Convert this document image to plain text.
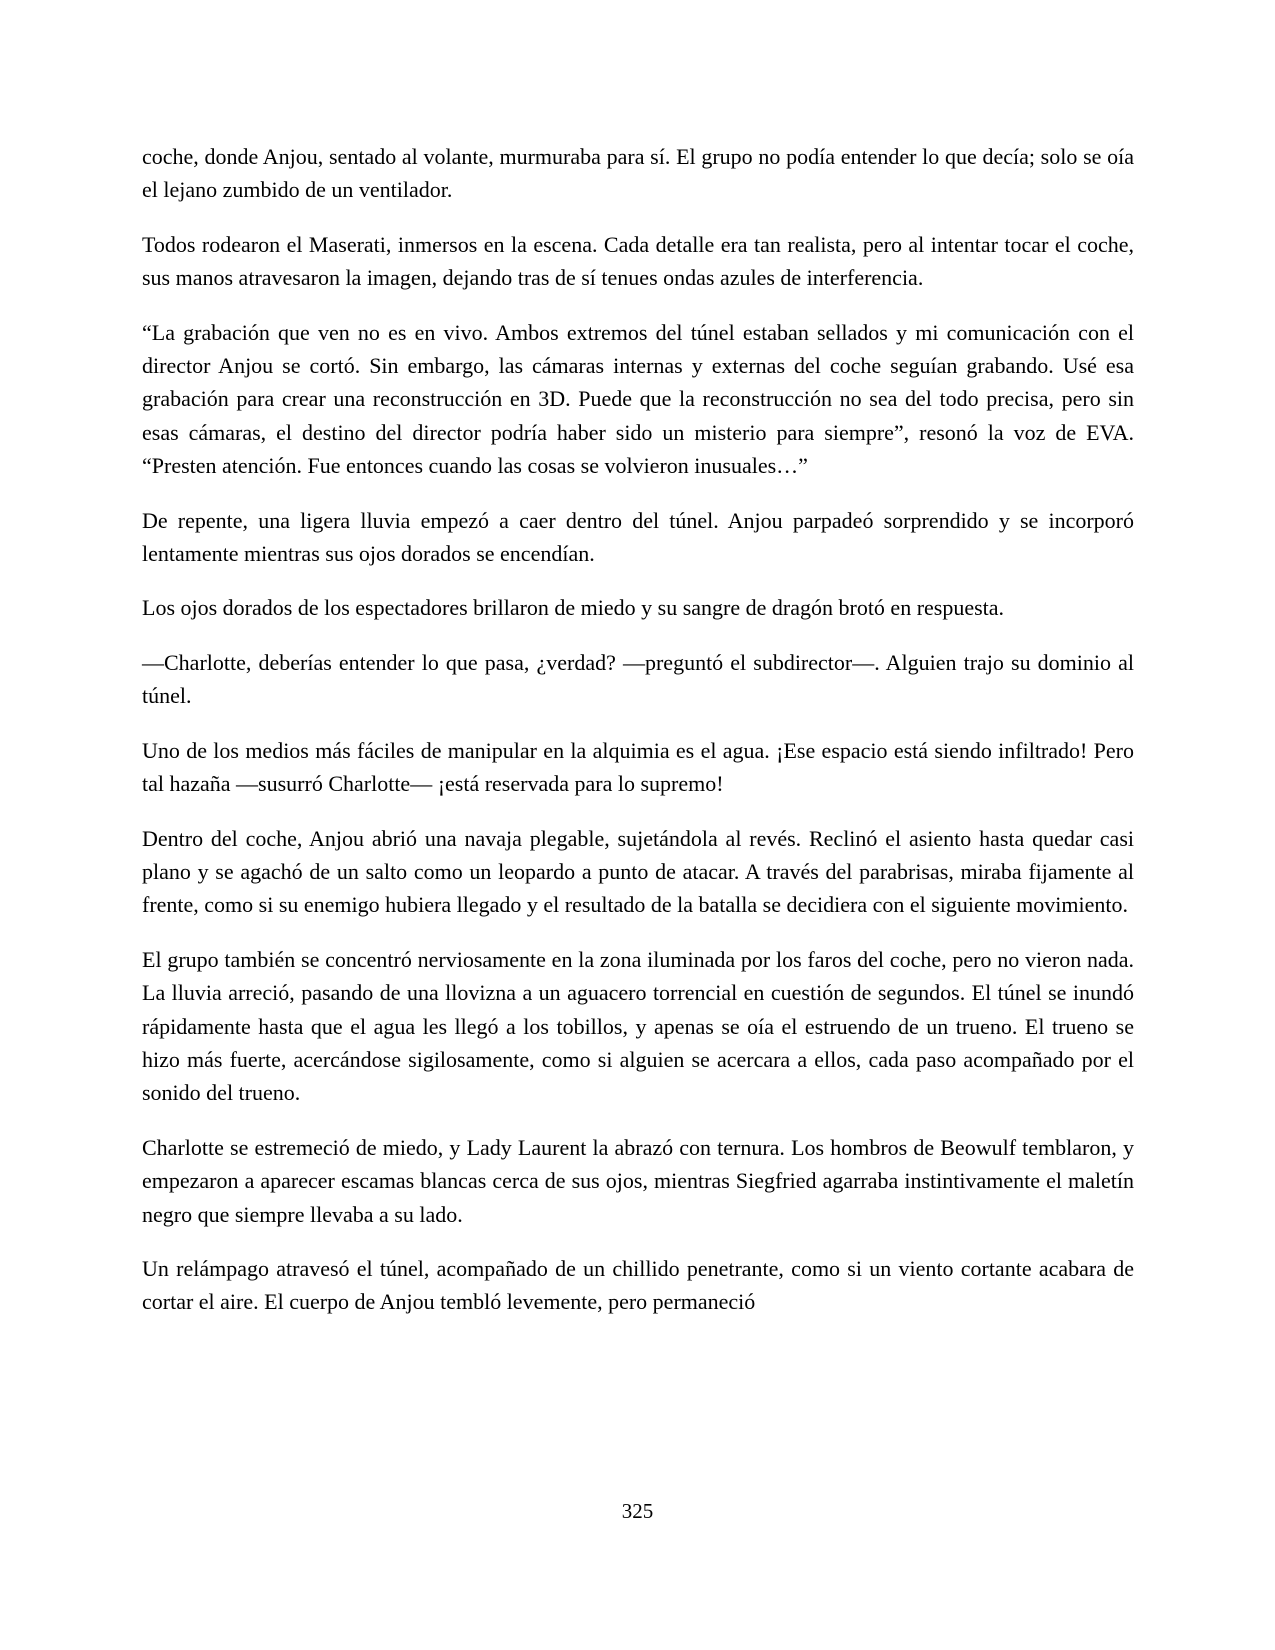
coche, donde Anjou, sentado al volante, murmuraba para sí. El grupo no podía entender lo que decía; solo se oía el lejano zumbido de un ventilador.

Todos rodearon el Maserati, inmersos en la escena. Cada detalle era tan realista, pero al intentar tocar el coche, sus manos atravesaron la imagen, dejando tras de sí tenues ondas azules de interferencia.

“La grabación que ven no es en vivo. Ambos extremos del túnel estaban sellados y mi comunicación con el director Anjou se cortó. Sin embargo, las cámaras internas y externas del coche seguían grabando. Usé esa grabación para crear una reconstrucción en 3D. Puede que la reconstrucción no sea del todo precisa, pero sin esas cámaras, el destino del director podría haber sido un misterio para siempre”, resonó la voz de EVA. “Presten atención. Fue entonces cuando las cosas se volvieron inusuales…”

De repente, una ligera lluvia empezó a caer dentro del túnel. Anjou parpadeó sorprendido y se incorporó lentamente mientras sus ojos dorados se encendían.

Los ojos dorados de los espectadores brillaron de miedo y su sangre de dragón brotó en respuesta.

—Charlotte, deberías entender lo que pasa, ¿verdad? —preguntó el subdirector—. Alguien trajo su dominio al túnel.

Uno de los medios más fáciles de manipular en la alquimia es el agua. ¡Ese espacio está siendo infiltrado! Pero tal hazaña —susurró Charlotte— ¡está reservada para lo supremo!

Dentro del coche, Anjou abrió una navaja plegable, sujetándola al revés. Reclinó el asiento hasta quedar casi plano y se agachó de un salto como un leopardo a punto de atacar. A través del parabrisas, miraba fijamente al frente, como si su enemigo hubiera llegado y el resultado de la batalla se decidiera con el siguiente movimiento.

El grupo también se concentró nerviosamente en la zona iluminada por los faros del coche, pero no vieron nada. La lluvia arreció, pasando de una llovizna a un aguacero torrencial en cuestión de segundos. El túnel se inundó rápidamente hasta que el agua les llegó a los tobillos, y apenas se oía el estruendo de un trueno. El trueno se hizo más fuerte, acercándose sigilosamente, como si alguien se acercara a ellos, cada paso acompañado por el sonido del trueno.

Charlotte se estremeció de miedo, y Lady Laurent la abrazó con ternura. Los hombros de Beowulf temblaron, y empezaron a aparecer escamas blancas cerca de sus ojos, mientras Siegfried agarraba instintivamente el maletín negro que siempre llevaba a su lado.

Un relámpago atravesó el túnel, acompañado de un chillido penetrante, como si un viento cortante acabara de cortar el aire. El cuerpo de Anjou tembló levemente, pero permaneció

325
